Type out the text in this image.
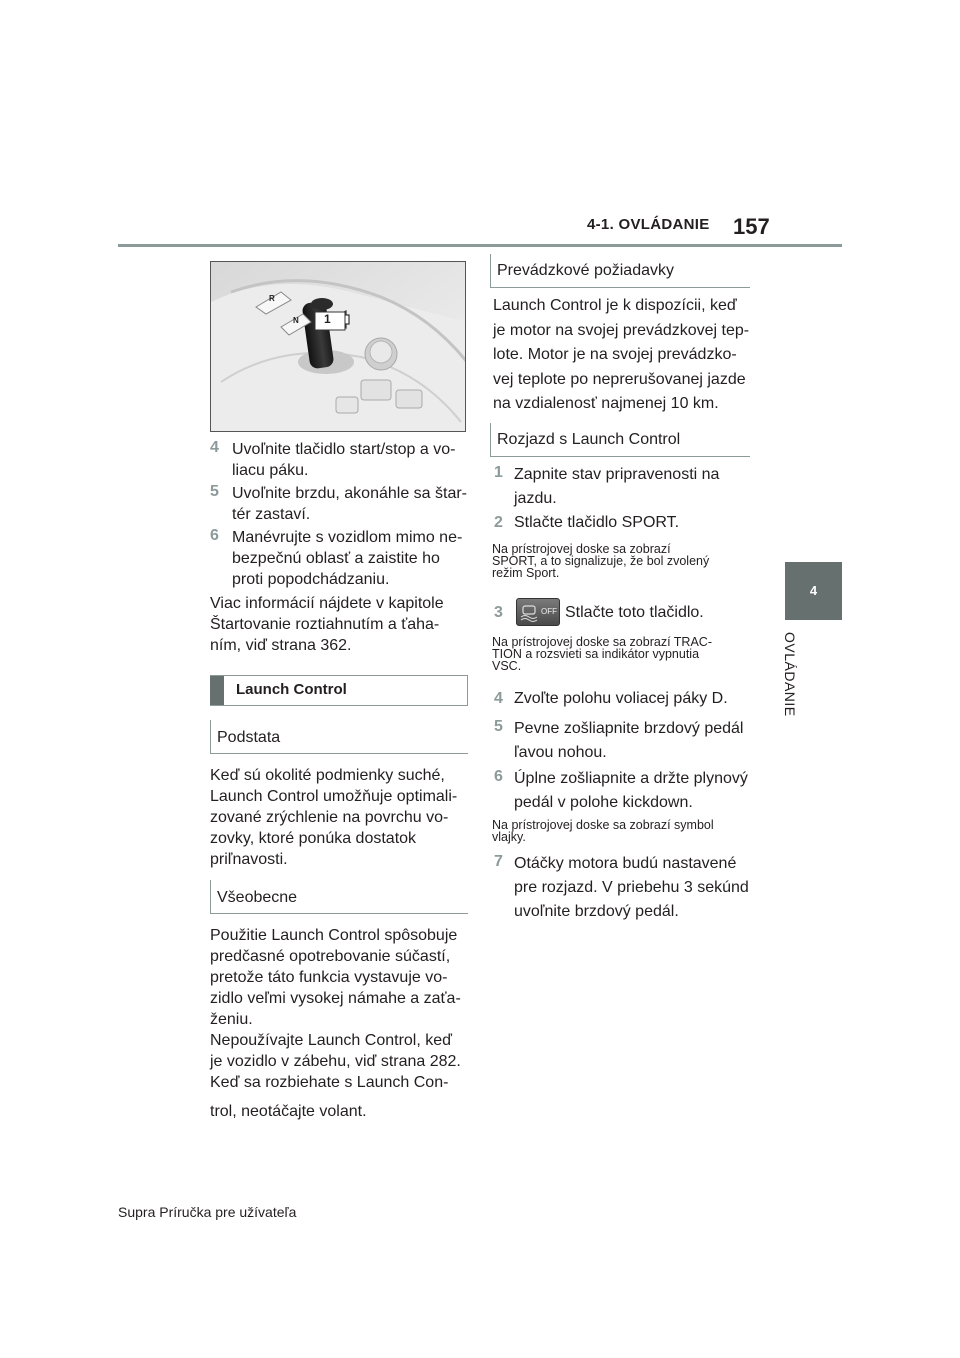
4-1. OVLÁDANIE 157
4
OVLÁDANIE
R
N 1
4 Uvoľnite tlačidlo start/stop a vo-
liacu páku.
5 Uvoľnite brzdu, akonáhle sa štar-
tér zastaví.
6 Manévrujte s vozidlom mimo ne-
bezpečnú oblasť a zaistite ho
proti popodchádzaniu.
Viac informácií nájdete v kapitole
Štartovanie roztiahnutím a ťaha-
ním, viď strana 362.
Launch Control
Podstata
Keď sú okolité podmienky suché,
Launch Control umožňuje optimali-
zované zrýchlenie na povrchu vo-
zovky, ktoré ponúka dostatok
priľnavosti.
Všeobecne
Použitie Launch Control spôsobuje
predčasné opotrebovanie súčastí,
pretože táto funkcia vystavuje vo-
zidlo veľmi vysokej námahe a zaťa-
ženiu.
Nepoužívajte Launch Control, keď
je vozidlo v zábehu, viď strana 282.
Keď sa rozbiehate s Launch Con-
trol, neotáčajte volant.
Prevádzkové požiadavky
Launch Control je k dispozícii, keď
je motor na svojej prevádzkovej tep-
lote. Motor je na svojej prevádzko-
vej teplote po neprerušovanej jazde
na vzdialenosť najmenej 10 km.
Rozjazd s Launch Control
1 Zapnite stav pripravenosti na
jazdu.
2 Stlačte tlačidlo SPORT.
Na prístrojovej doske sa zobrazí
SPORT, a to signalizuje, že bol zvolený
režim Sport.
3	OFF Stlačte toto tlačidlo.
Na prístrojovej doske sa zobrazí TRAC-
TION a rozsvieti sa indikátor vypnutia
VSC.
4 Zvoľte polohu voliacej páky D.
5 Pevne zošliapnite brzdový pedál
ľavou nohou.
6 Úplne zošliapnite a držte plynový
pedál v polohe kickdown.
Na prístrojovej doske sa zobrazí symbol
vlajky.
7 Otáčky motora budú nastavené
pre rozjazd. V priebehu 3 sekúnd
uvoľnite brzdový pedál.
Supra Príručka pre užívateľa
